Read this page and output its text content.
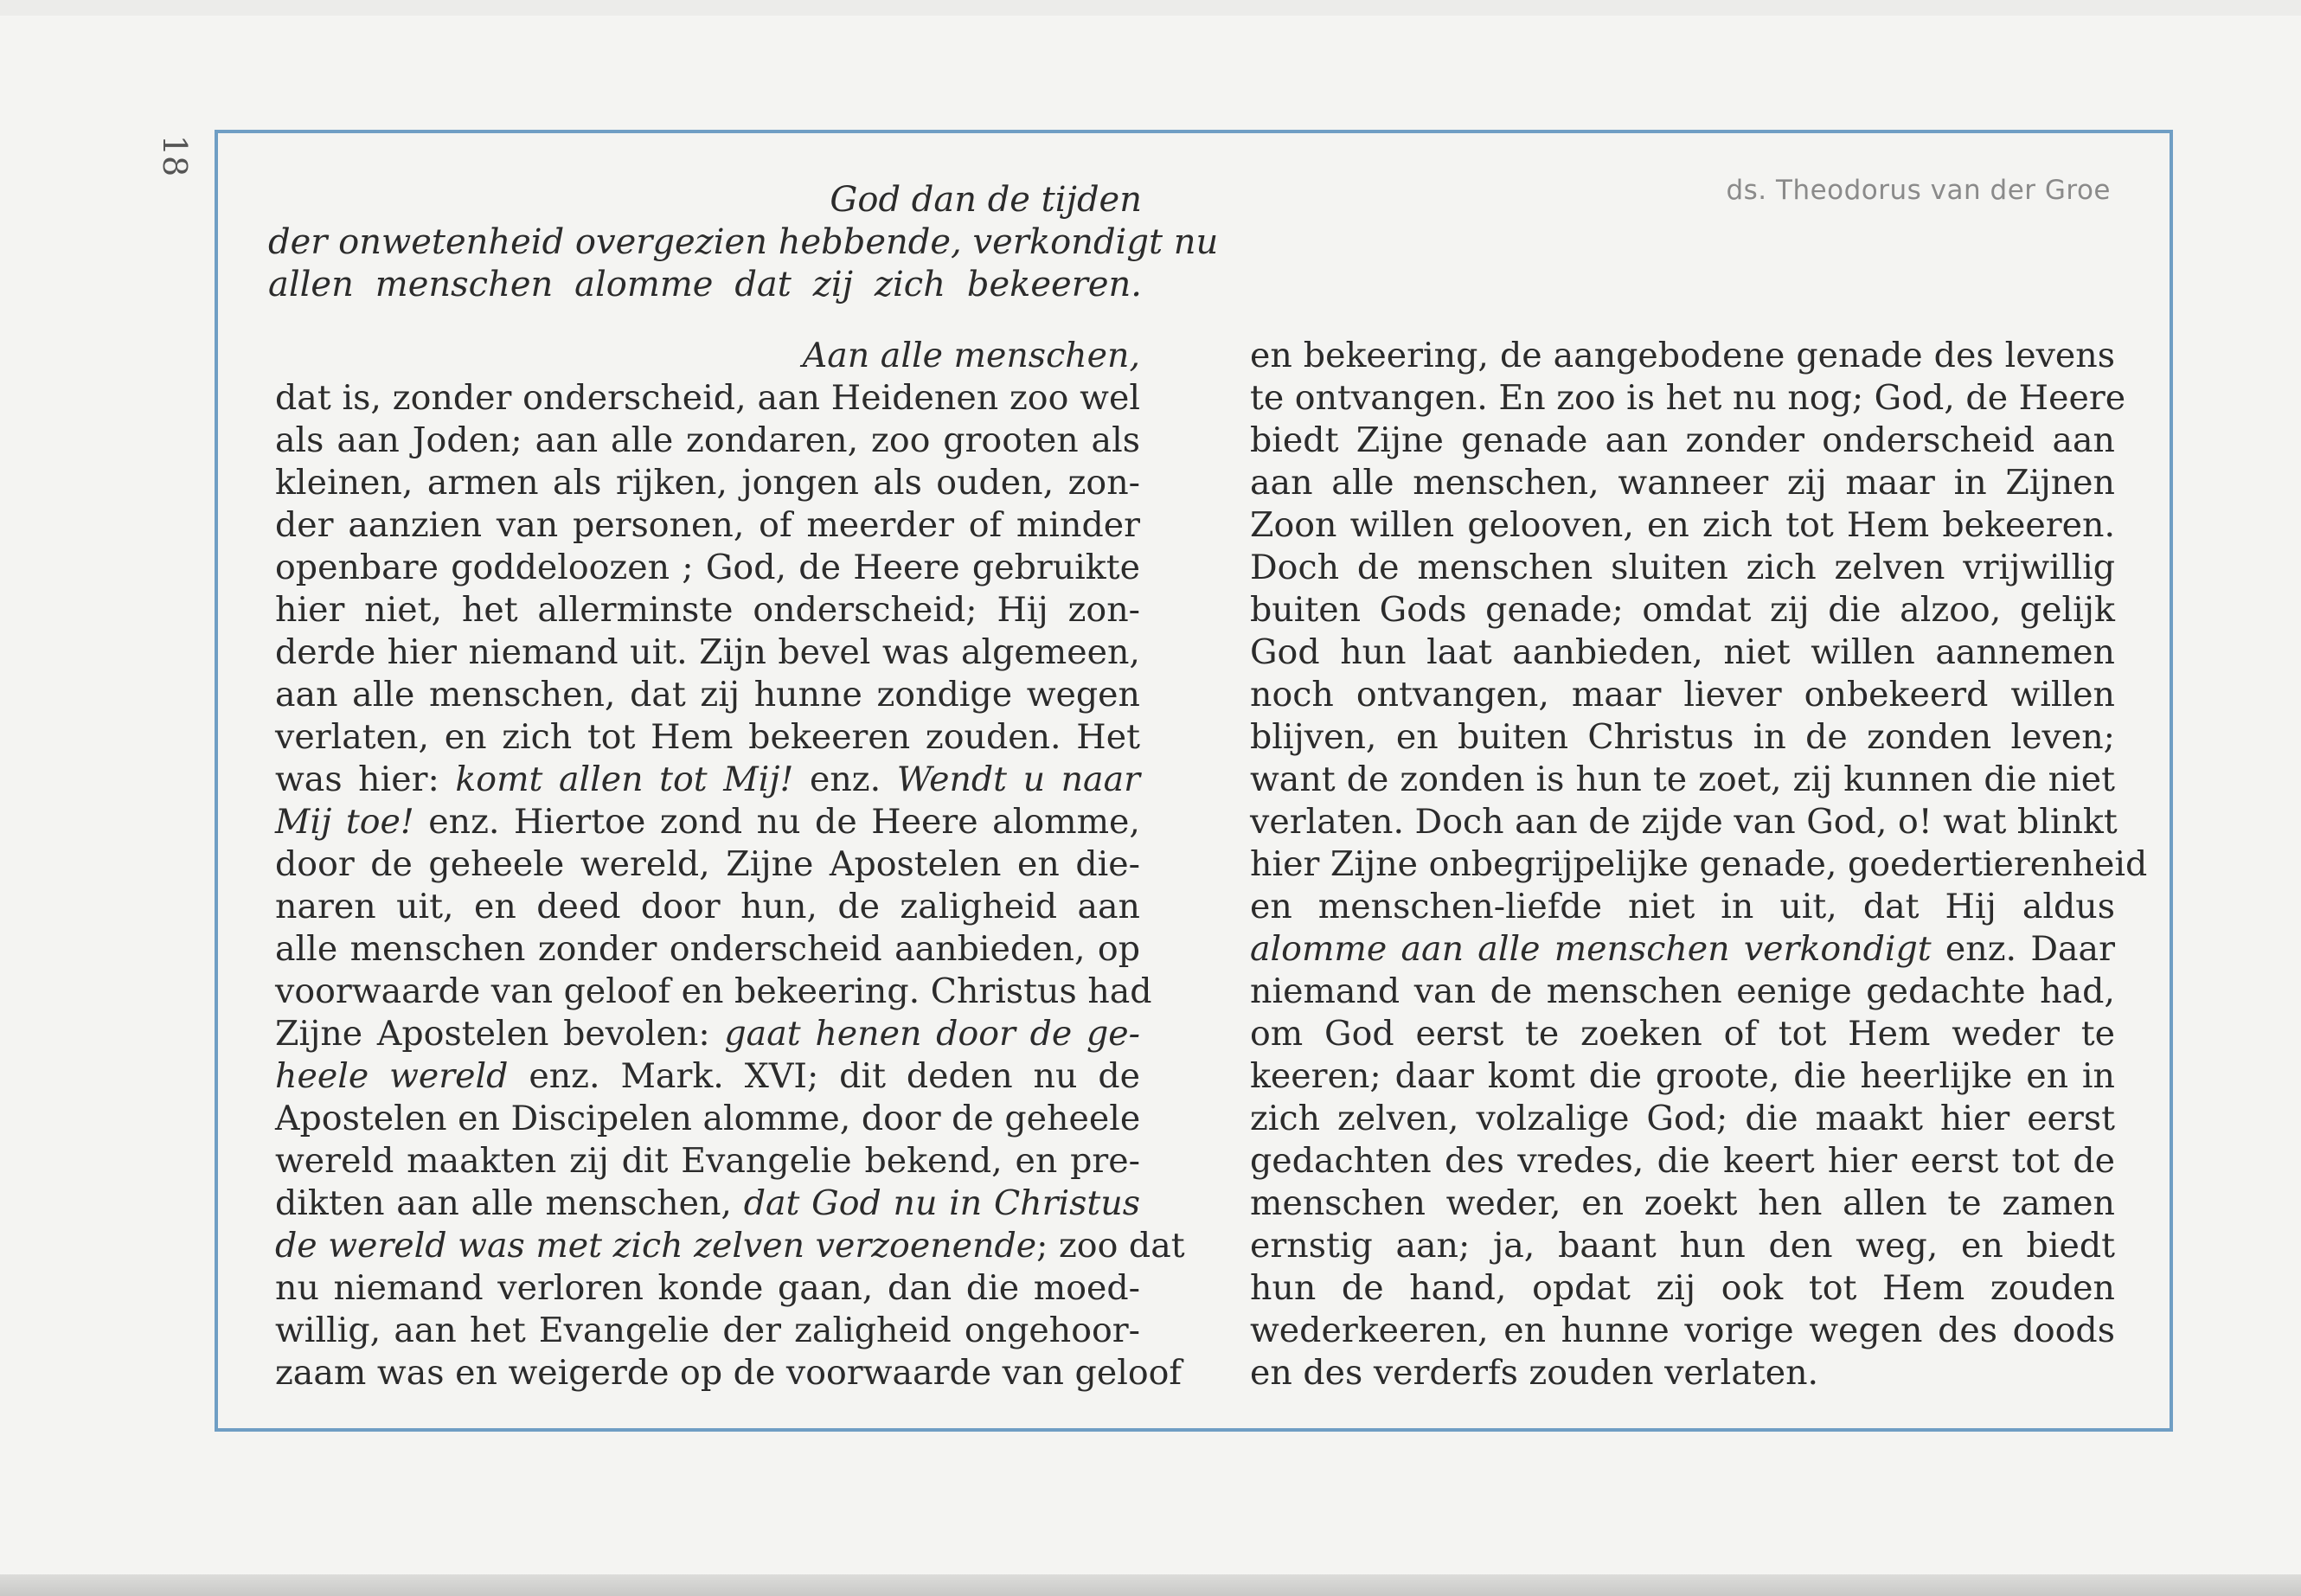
18
ds. Theodorus van der Groe
God dan de tijden
der onwetenheid overgezien hebbende, verkondigt nu
allen menschen alomme dat zij zich bekeeren.
Aan alle menschen,
dat is, zonder onderscheid, aan Heidenen zoo wel
als aan Joden; aan alle zondaren, zoo grooten als
kleinen, armen als rijken, jongen als ouden, zon-
der aanzien van personen, of meerder of minder
openbare goddeloozen ; God, de Heere gebruikte
hier niet, het allerminste onderscheid; Hij zon-
derde hier niemand uit. Zijn bevel was algemeen,
aan alle menschen, dat zij hunne zondige wegen
verlaten, en zich tot Hem bekeeren zouden. Het
was hier: komt allen tot Mij! enz. Wendt u naar
Mij toe! enz. Hiertoe zond nu de Heere alomme,
door de geheele wereld, Zijne Apostelen en die-
naren uit, en deed door hun, de zaligheid aan
alle menschen zonder onderscheid aanbieden, op
voorwaarde van geloof en bekeering. Christus had
Zijne Apostelen bevolen: gaat henen door de ge-
heele wereld enz. Mark. XVI; dit deden nu de
Apostelen en Discipelen alomme, door de geheele
wereld maakten zij dit Evangelie bekend, en pre-
dikten aan alle menschen, dat God nu in Christus
de wereld was met zich zelven verzoenende; zoo dat
nu niemand verloren konde gaan, dan die moed-
willig, aan het Evangelie der zaligheid ongehoor-
zaam was en weigerde op de voorwaarde van geloof
en bekeering, de aangebodene genade des levens
te ontvangen. En zoo is het nu nog; God, de Heere
biedt Zijne genade aan zonder onderscheid aan
aan alle menschen, wanneer zij maar in Zijnen
Zoon willen gelooven, en zich tot Hem bekeeren.
Doch de menschen sluiten zich zelven vrijwillig
buiten Gods genade; omdat zij die alzoo, gelijk
God hun laat aanbieden, niet willen aannemen
noch ontvangen, maar liever onbekeerd willen
blijven, en buiten Christus in de zonden leven;
want de zonden is hun te zoet, zij kunnen die niet
verlaten. Doch aan de zijde van God, o! wat blinkt
hier Zijne onbegrijpelijke genade, goedertierenheid
en menschen-liefde niet in uit, dat Hij aldus
alomme aan alle menschen verkondigt enz. Daar
niemand van de menschen eenige gedachte had,
om God eerst te zoeken of tot Hem weder te
keeren; daar komt die groote, die heerlijke en in
zich zelven, volzalige God; die maakt hier eerst
gedachten des vredes, die keert hier eerst tot de
menschen weder, en zoekt hen allen te zamen
ernstig aan; ja, baant hun den weg, en biedt
hun de hand, opdat zij ook tot Hem zouden
wederkeeren, en hunne vorige wegen des doods
en des verderfs zouden verlaten.
